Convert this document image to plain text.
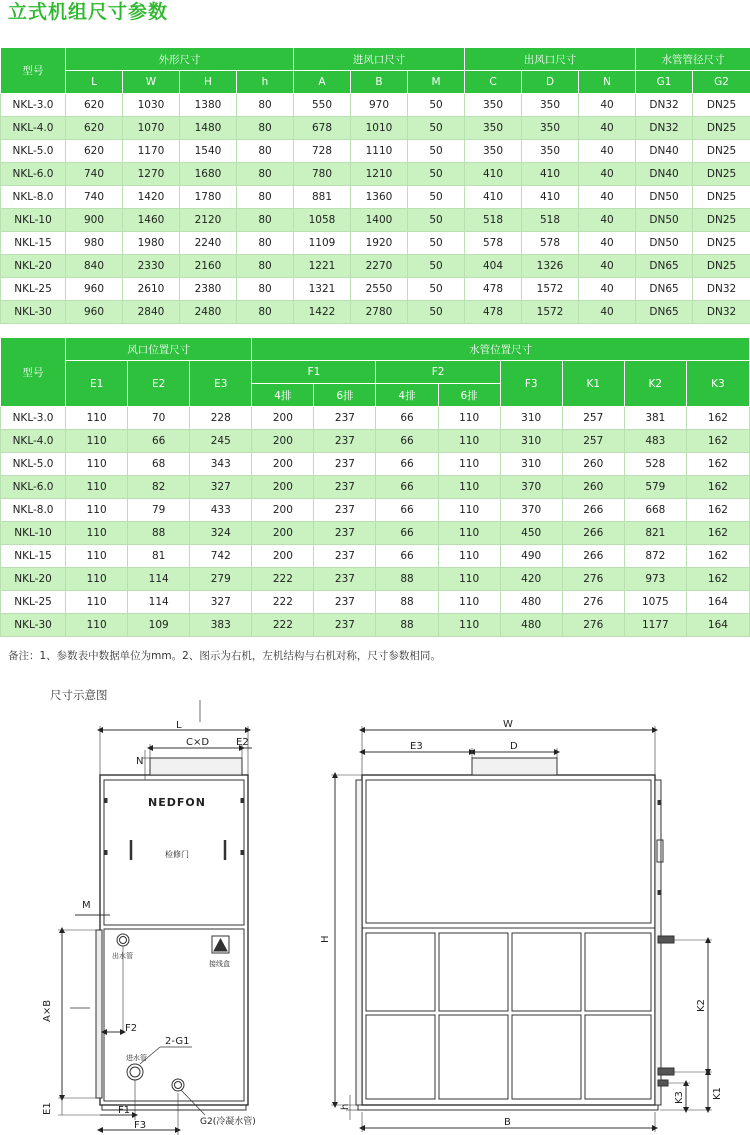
立式机组尺寸参数
型号	外形尺寸				进风口尺寸			出风口尺寸			水管管径尺寸	
	L	W	H	h	A	B	M	C	D	N	G1	G2
NKL-3.0	620	1030	1380	80	550	970	50	350	350	40	DN32	DN25
NKL-4.0	620	1070	1480	80	678	1010	50	350	350	40	DN32	DN25
NKL-5.0	620	1170	1540	80	728	1110	50	350	350	40	DN40	DN25
NKL-6.0	740	1270	1680	80	780	1210	50	410	410	40	DN40	DN25
NKL-8.0	740	1420	1780	80	881	1360	50	410	410	40	DN50	DN25
NKL-10	900	1460	2120	80	1058	1400	50	518	518	40	DN50	DN25
NKL-15	980	1980	2240	80	1109	1920	50	578	578	40	DN50	DN25
NKL-20	840	2330	2160	80	1221	2270	50	404	1326	40	DN65	DN25
NKL-25	960	2610	2380	80	1321	2550	50	478	1572	40	DN65	DN32
NKL-30	960	2840	2480	80	1422	2780	50	478	1572	40	DN65	DN32
型号	风口位置尺寸			水管位置尺寸							
	E1	E2	E3	F1		F2		F3	K1	K2	K3
				4排	6排	4排	6排				
NKL-3.0	110	70	228	200	237	66	110	310	257	381	162
NKL-4.0	110	66	245	200	237	66	110	310	257	483	162
NKL-5.0	110	68	343	200	237	66	110	310	260	528	162
NKL-6.0	110	82	327	200	237	66	110	370	260	579	162
NKL-8.0	110	79	433	200	237	66	110	370	266	668	162
NKL-10	110	88	324	200	237	66	110	450	266	821	162
NKL-15	110	81	742	200	237	66	110	490	266	872	162
NKL-20	110	114	279	222	237	88	110	420	276	973	162
NKL-25	110	114	327	222	237	88	110	480	276	1075	164
NKL-30	110	109	383	222	237	88	110	480	276	1177	164
备注：1、参数表中数据单位为mm。2、图示为右机，左机结构与右机对称，尺寸参数相同。
尺寸示意图
L
C×D	E2
N
NEDFON
检修门
M
A×B
出水管
接线盒
F2
2-G1
进水管
E1	F1
F3	G2(冷凝水管)
W
E3	D
H
h
B
K2
K1
K3
